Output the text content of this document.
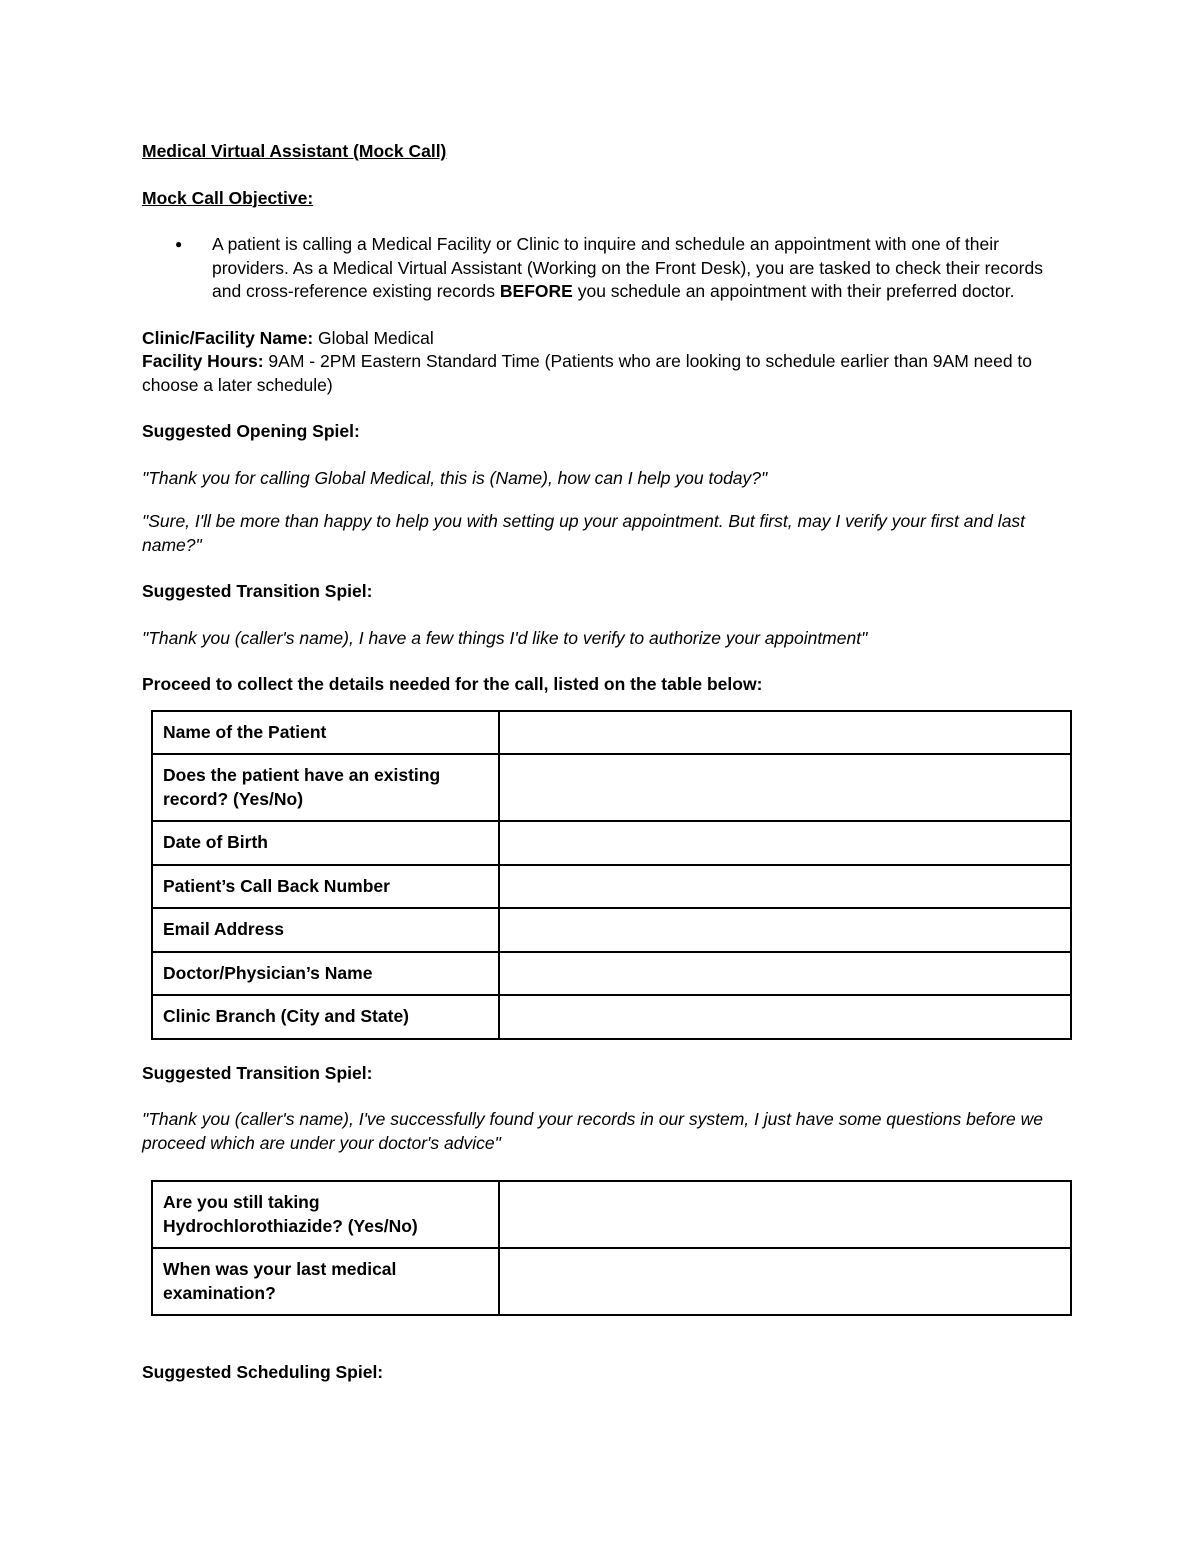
Medical Virtual Assistant (Mock Call)

Mock Call Objective:

● A patient is calling a Medical Facility or Clinic to inquire and schedule an appointment with one of their providers. As a Medical Virtual Assistant (Working on the Front Desk), you are tasked to check their records and cross-reference existing records BEFORE you schedule an appointment with their preferred doctor.

Clinic/Facility Name: Global Medical

Facility Hours: 9AM - 2PM Eastern Standard Time (Patients who are looking to schedule earlier than 9AM need to choose a later schedule)

Suggested Opening Spiel:

"Thank you for calling Global Medical, this is (Name), how can I help you today?"

"Sure, I'll be more than happy to help you with setting up your appointment. But first, may I verify your first and last name?"

Suggested Transition Spiel:

"Thank you (caller's name), I have a few things I'd like to verify to authorize your appointment"

Proceed to collect the details needed for the call, listed on the table below:

Name of the Patient	
Does the patient have an existing record? (Yes/No)	
Date of Birth	
Patient’s Call Back Number	
Email Address	
Doctor/Physician’s Name	
Clinic Branch (City and State)	

Suggested Transition Spiel:

"Thank you (caller's name), I've successfully found your records in our system, I just have some questions before we proceed which are under your doctor's advice"

Are you still taking Hydrochlorothiazide? (Yes/No)	
When was your last medical examination?	

Suggested Scheduling Spiel:
